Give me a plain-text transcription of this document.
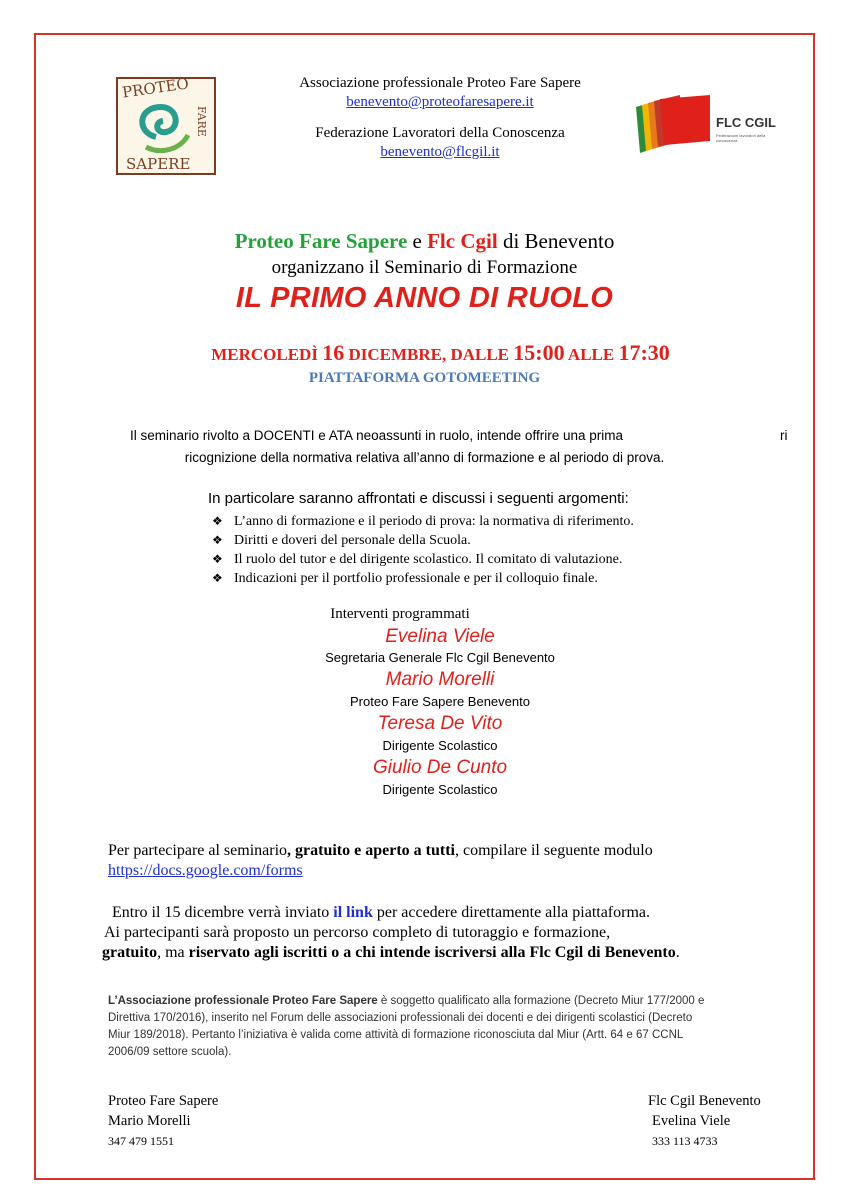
PROTEO
FARE
SAPERE
Associazione professionale Proteo Fare Sapere
benevento@proteofaresapere.it
Federazione Lavoratori della Conoscenza
benevento@flcgil.it
FLC CGIL
Federazione lavoratori della conoscenza
Proteo Fare Sapere e Flc Cgil di Benevento
organizzano il Seminario di Formazione
IL PRIMO ANNO DI RUOLO
MERCOLEDÌ 16 DICEMBRE, DALLE 15:00 ALLE 17:30
PIATTAFORMA GOTOMEETING
Il seminario rivolto a DOCENTI e ATA neoassunti in ruolo, intende offrire una prima	ri
ricognizione della normativa relativa all’anno di formazione e al periodo di prova.
In particolare saranno affrontati e discussi i seguenti argomenti:
❖ L’anno di formazione e il periodo di prova: la normativa di riferimento.
❖ Diritti e doveri del personale della Scuola.
❖ Il ruolo del tutor e del dirigente scolastico. Il comitato di valutazione.
❖ Indicazioni per il portfolio professionale e per il colloquio finale.
Interventi programmati
Evelina Viele
Segretaria Generale Flc Cgil Benevento
Mario Morelli
Proteo Fare Sapere Benevento
Teresa De Vito
Dirigente Scolastico
Giulio De Cunto
Dirigente Scolastico
Per partecipare al seminario, gratuito e aperto a tutti, compilare il seguente modulo
https://docs.google.com/forms
Entro il 15 dicembre verrà inviato il link per accedere direttamente alla piattaforma.
Ai partecipanti sarà proposto un percorso completo di tutoraggio e formazione,
gratuito, ma riservato agli iscritti o a chi intende iscriversi alla Flc Cgil di Benevento.
L’Associazione professionale Proteo Fare Sapere è soggetto qualificato alla formazione (Decreto Miur 177/2000 e
Direttiva 170/2016), inserito nel Forum delle associazioni professionali dei docenti e dei dirigenti scolastici (Decreto
Miur 189/2018). Pertanto l’iniziativa è valida come attività di formazione riconosciuta dal Miur (Artt. 64 e 67 CCNL
2006/09 settore scuola).
Proteo Fare Sapere
Mario Morelli
347 479 1551
Flc Cgil Benevento
Evelina Viele
333 113 4733
